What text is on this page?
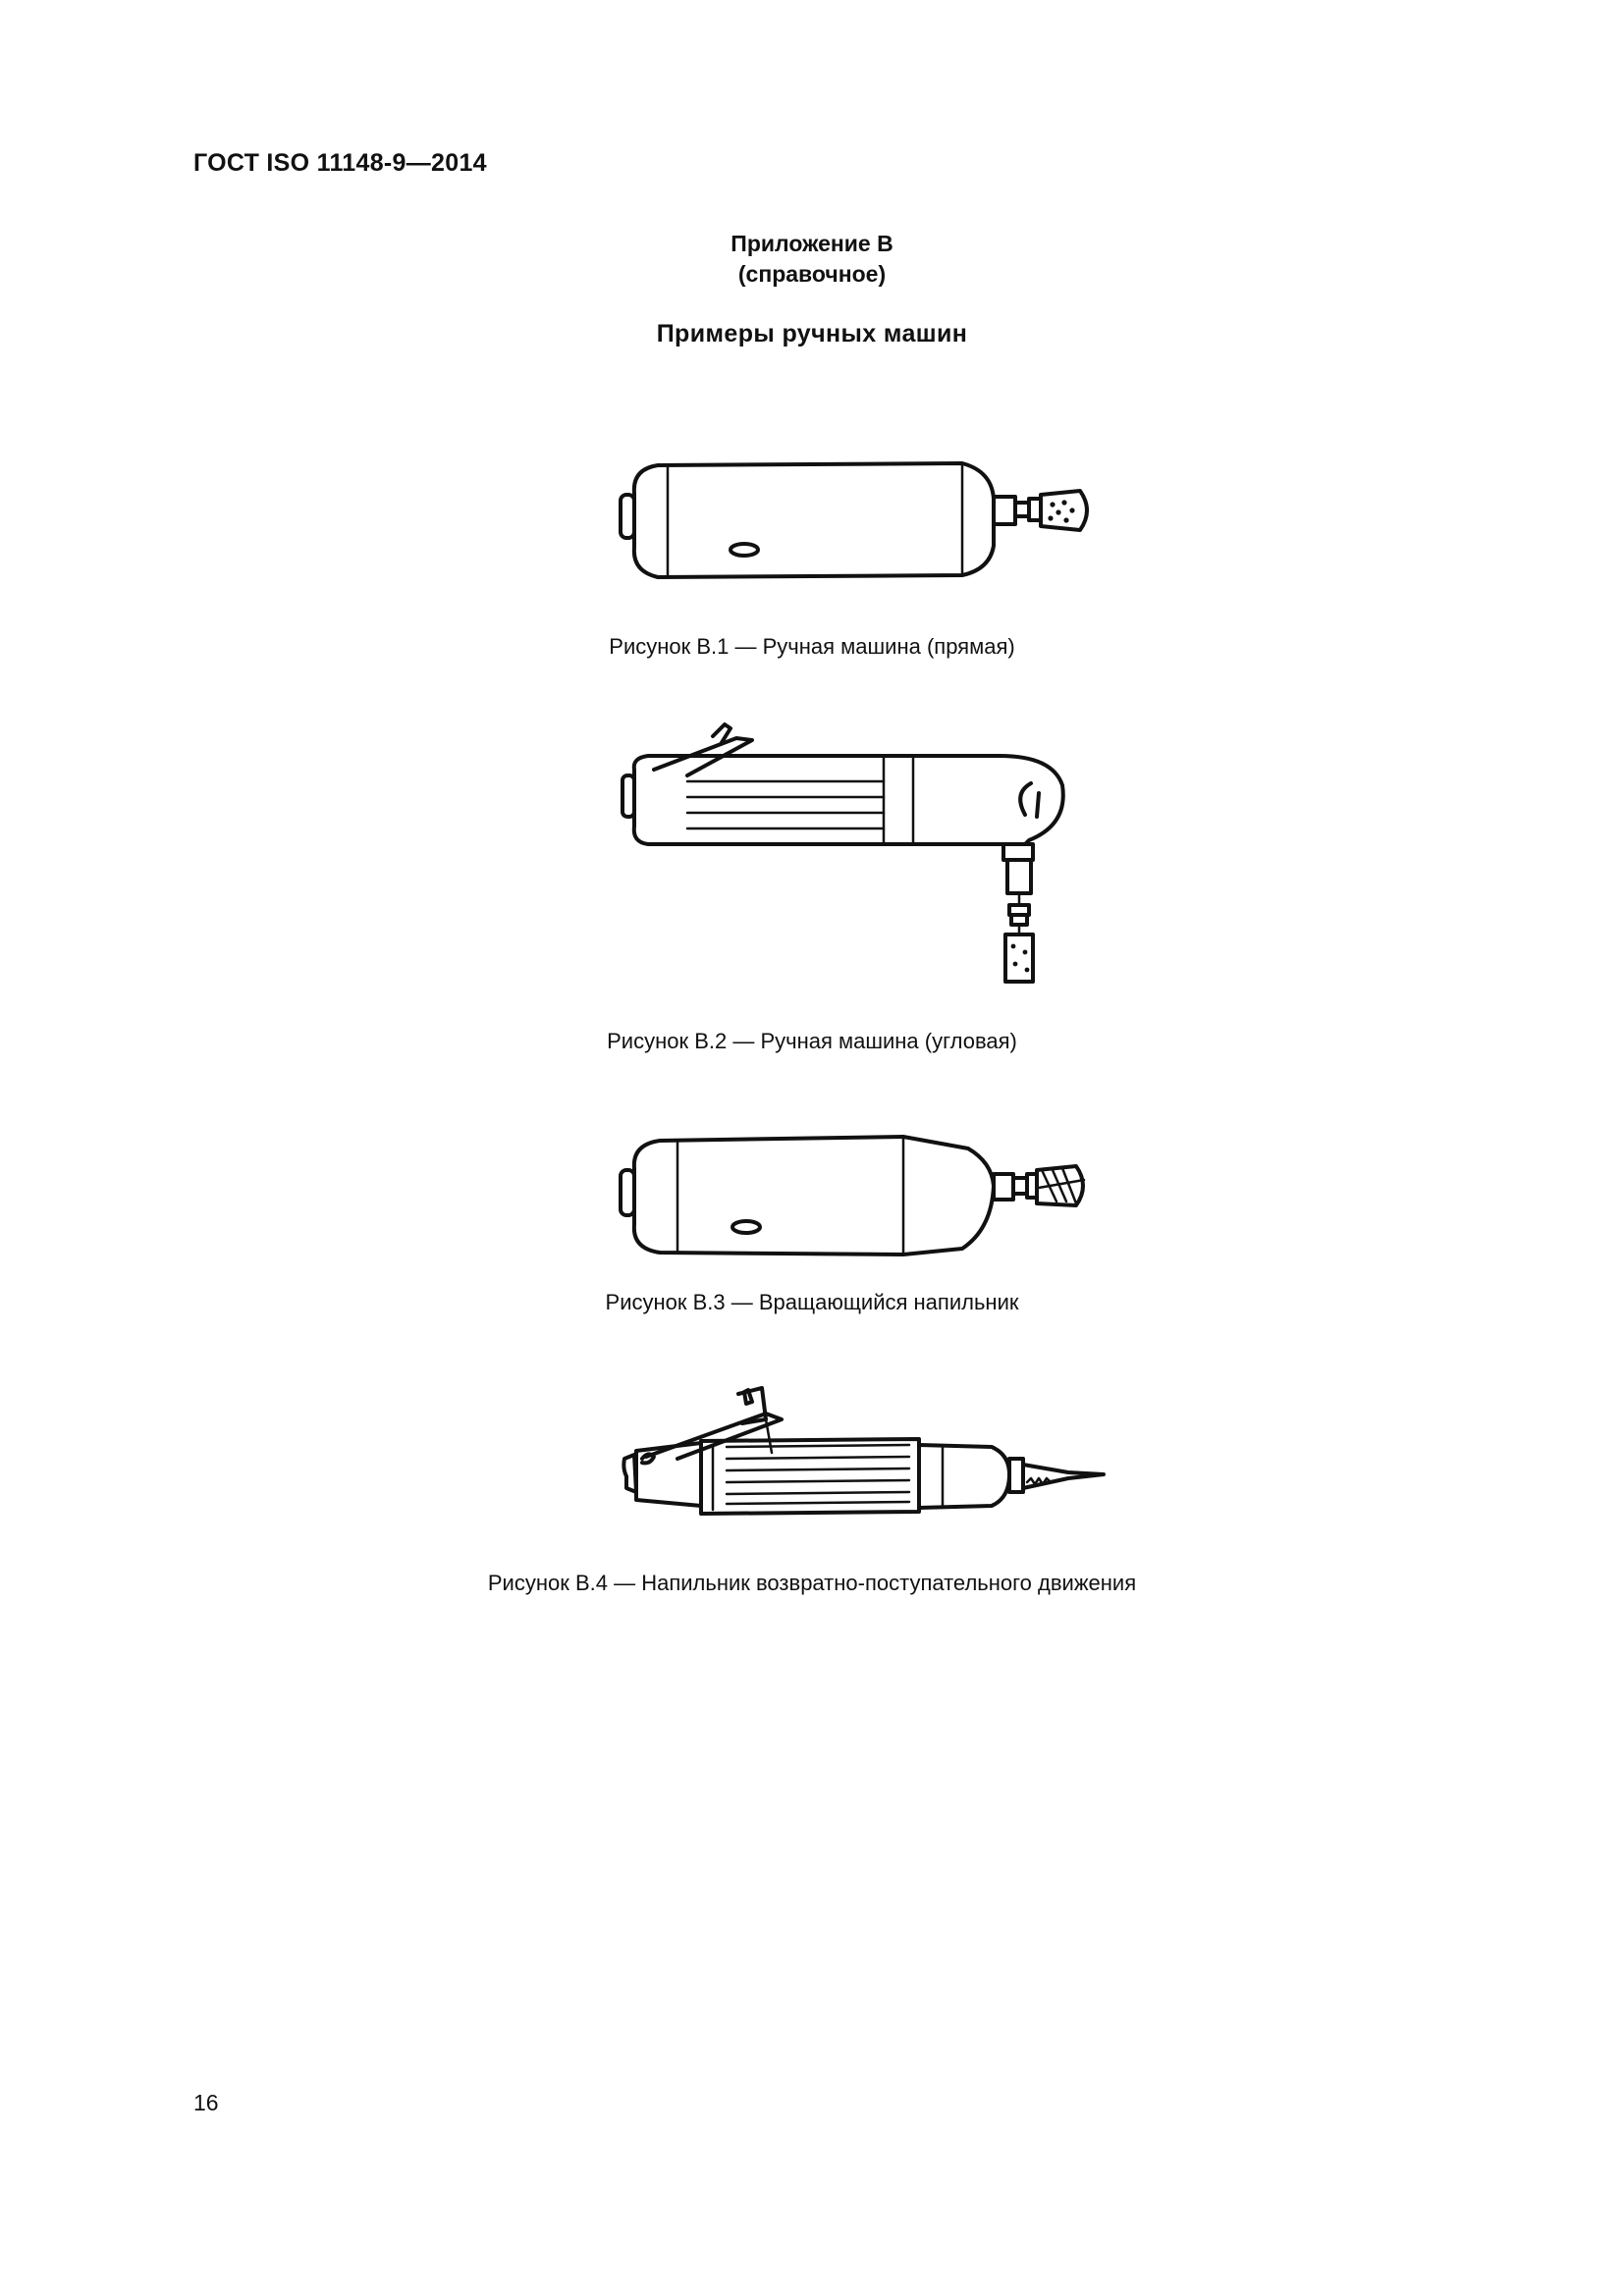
ГОСТ ISO 11148-9—2014
Приложение В
(справочное)
Примеры ручных машин
Рисунок В.1 — Ручная машина (прямая)
Рисунок В.2 — Ручная машина (угловая)
Рисунок В.3 — Вращающийся напильник
Рисунок В.4 — Напильник возвратно-поступательного движения
16
